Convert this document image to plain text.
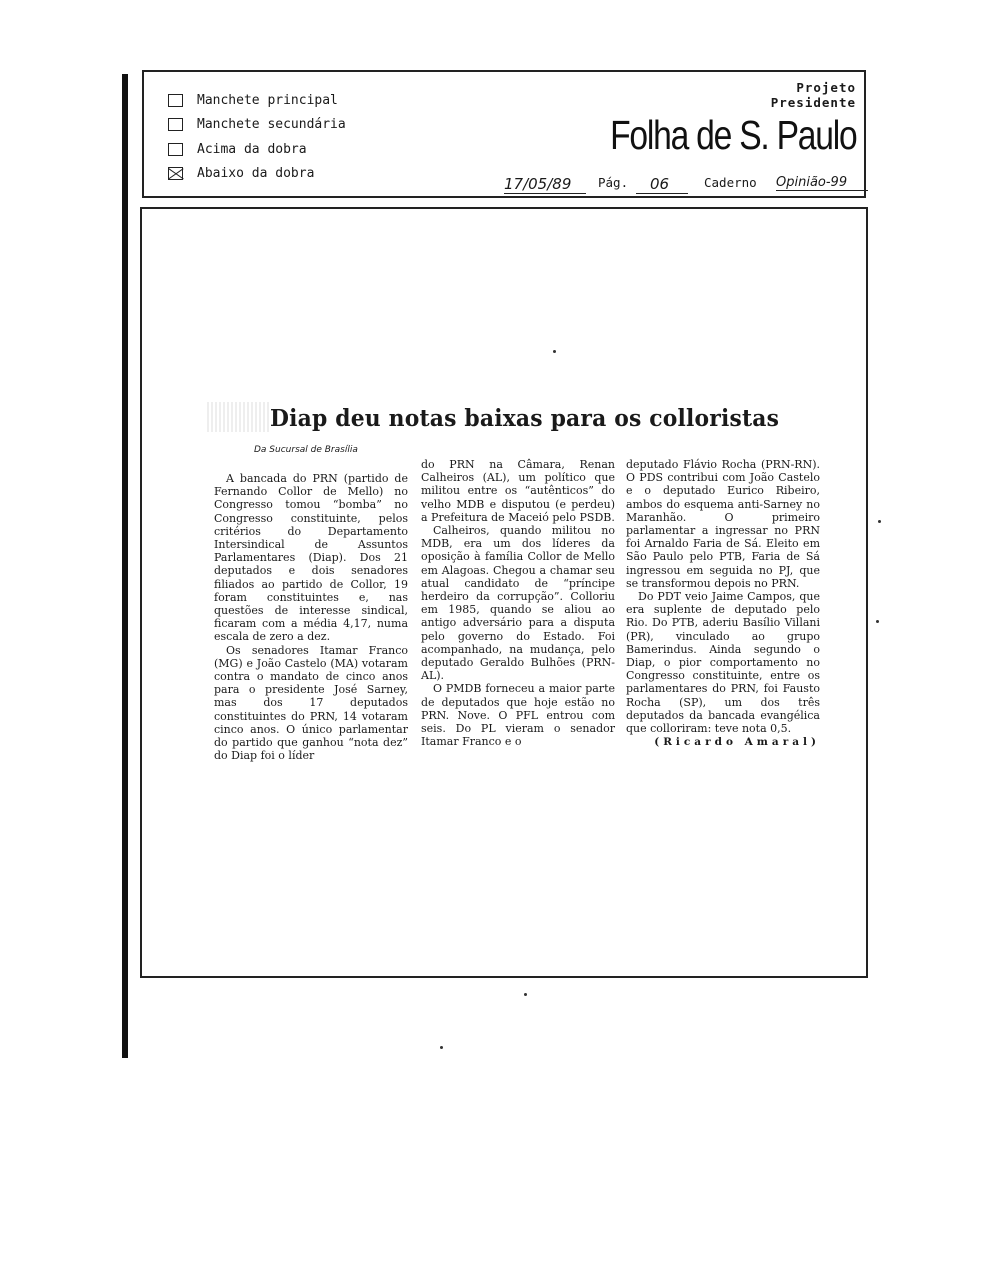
Manchete principal
Manchete secundária
Acima da dobra
Abaixo da dobra
Projeto
Presidente
Folha de S. Paulo
17/05/89	Pág.	06	Caderno Opinião-99
Diap deu notas baixas para os colloristas
Da Sucursal de Brasília

A bancada do PRN (partido de Fernando Collor de Mello) no Congresso tomou “bomba” no Congresso constituinte, pelos critérios do Departamento Intersindical de Assuntos Parlamentares (Diap). Dos 21 deputados e dois senadores filiados ao partido de Collor, 19 foram constituintes e, nas questões de interesse sindical, ficaram com a média 4,17, numa escala de zero a dez.

Os senadores Itamar Franco (MG) e João Castelo (MA) votaram contra o mandato de cinco anos para o presidente José Sarney, mas dos 17 deputados constituintes do PRN, 14 votaram cinco anos. O único parlamentar do partido que ganhou “nota dez” do Diap foi o líder

do PRN na Câmara, Renan Calheiros (AL), um político que militou entre os “autênticos” do velho MDB e disputou (e perdeu) a Prefeitura de Maceió pelo PSDB.

Calheiros, quando militou no MDB, era um dos líderes da oposição à família Collor de Mello em Alagoas. Chegou a chamar seu atual candidato de “príncipe herdeiro da corrupção”. Colloriu em 1985, quando se aliou ao antigo adversário para a disputa pelo governo do Estado. Foi acompanhado, na mudança, pelo deputado Geraldo Bulhões (PRN-AL).

O PMDB forneceu a maior parte de deputados que hoje estão no PRN. Nove. O PFL entrou com seis. Do PL vieram o senador Itamar Franco e o

deputado Flávio Rocha (PRN-RN). O PDS contribui com João Castelo e o deputado Eurico Ribeiro, ambos do esquema anti-Sarney no Maranhão. O primeiro parlamentar a ingressar no PRN foi Arnaldo Faria de Sá. Eleito em São Paulo pelo PTB, Faria de Sá ingressou em seguida no PJ, que se transformou depois no PRN.

Do PDT veio Jaime Campos, que era suplente de deputado pelo Rio. Do PTB, aderiu Basílio Villani (PR), vinculado ao grupo Bamerindus. Ainda segundo o Diap, o pior comportamento no Congresso constituinte, entre os parlamentares do PRN, foi Fausto Rocha (SP), um dos três deputados da bancada evangélica que colloriram: teve nota 0,5.

(Ricardo Amaral)
